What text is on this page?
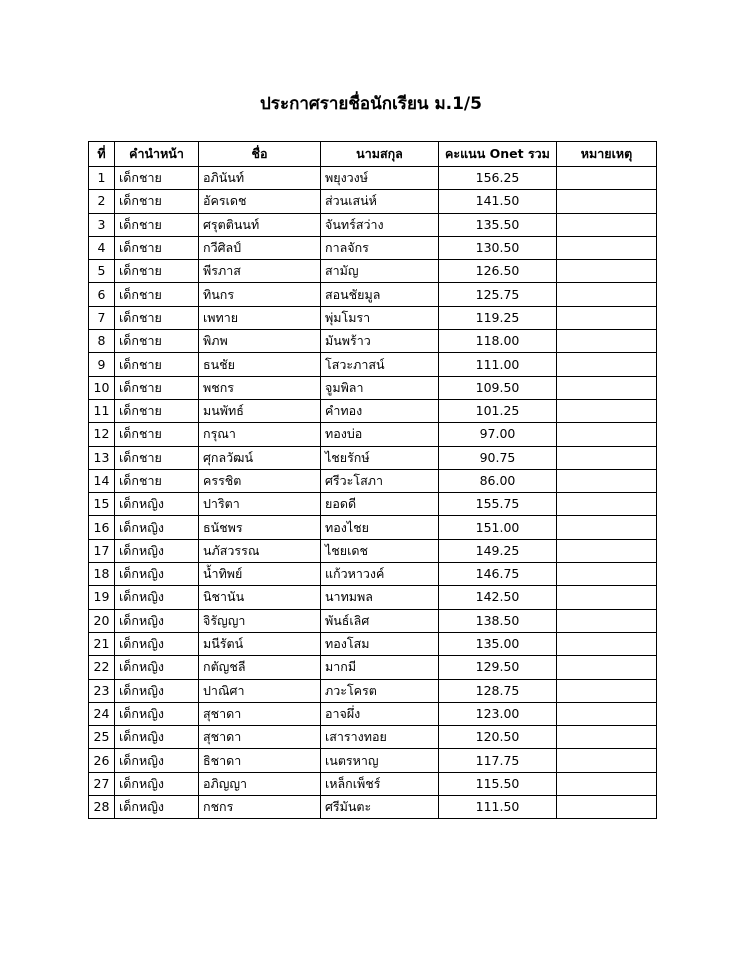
ประกาศรายชื่อนักเรียน ม.1/5
ที่	คำนำหน้า	ชื่อ	นามสกุล	คะแนน Onet รวม	หมายเหตุ
1	เด็กชาย	อภินันท์	พยุงวงษ์	156.25	
2	เด็กชาย	อัครเดช	ส่วนเสน่ห์	141.50	
3	เด็กชาย	ศรุตตินนท์	จันทร์สว่าง	135.50	
4	เด็กชาย	กวีศิลป์	กาลจักร	130.50	
5	เด็กชาย	พีรภาส	สามัญ	126.50	
6	เด็กชาย	ทินกร	สอนชัยมูล	125.75	
7	เด็กชาย	เพทาย	พุ่มโมรา	119.25	
8	เด็กชาย	พิภพ	มันพร้าว	118.00	
9	เด็กชาย	ธนชัย	โสวะภาสน์	111.00	
10	เด็กชาย	พชกร	จูมพิลา	109.50	
11	เด็กชาย	มนพัทธ์	คำทอง	101.25	
12	เด็กชาย	กรุณา	ทองบ่อ	97.00	
13	เด็กชาย	ศุกลวัฒน์	ไชยรักษ์	90.75	
14	เด็กชาย	ครรชิต	ศรีวะโสภา	86.00	
15	เด็กหญิง	ปาริตา	ยอดดี	155.75	
16	เด็กหญิง	ธนัชพร	ทองไชย	151.00	
17	เด็กหญิง	นภัสวรรณ	ไชยเดช	149.25	
18	เด็กหญิง	น้ำทิพย์	แก้วหาวงค์	146.75	
19	เด็กหญิง	นิชานัน	นาทมพล	142.50	
20	เด็กหญิง	จิรัญญา	พันธ์เลิศ	138.50	
21	เด็กหญิง	มนีรัตน์	ทองโสม	135.00	
22	เด็กหญิง	กตัญชลี	มากมี	129.50	
23	เด็กหญิง	ปาณิศา	ภวะโครต	128.75	
24	เด็กหญิง	สุชาดา	อาจผึ่ง	123.00	
25	เด็กหญิง	สุชาดา	เสารางทอย	120.50	
26	เด็กหญิง	ธิชาดา	เนตรหาญ	117.75	
27	เด็กหญิง	อภิญญา	เหล็กเพ็ชร์	115.50	
28	เด็กหญิง	กชกร	ศรีมันตะ	111.50	
